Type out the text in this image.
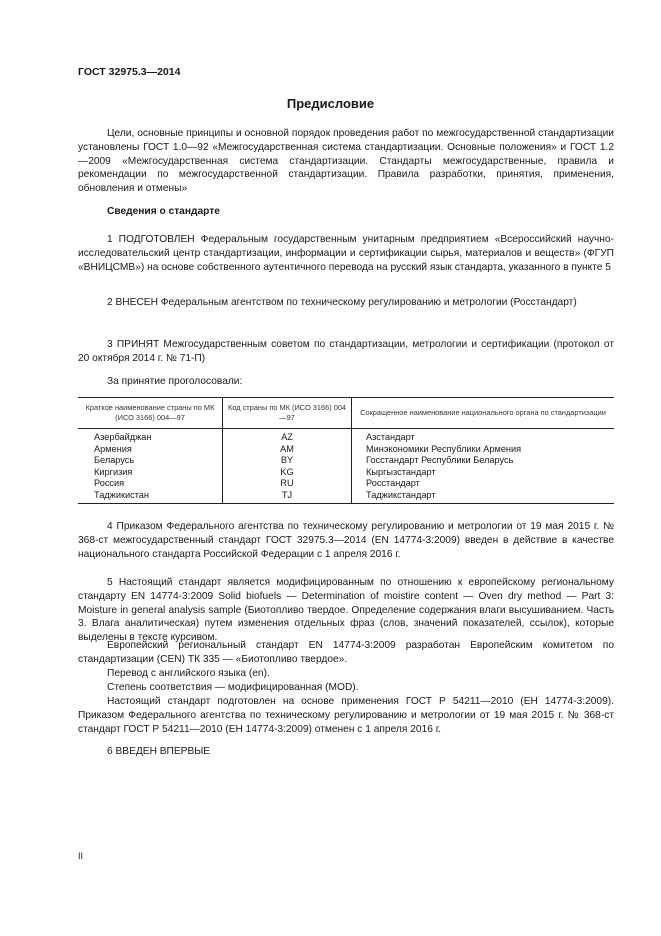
ГОСТ 32975.3—2014
Предисловие

Цели, основные принципы и основной порядок проведения работ по межгосударственной стандартизации установлены ГОСТ 1.0—92 «Межгосударственная система стандартизации. Основные положения» и ГОСТ 1.2—2009 «Межгосударственная система стандартизации. Стандарты межгосударственные, правила и рекомендации по межгосударственной стандартизации. Правила разработки, принятия, применения, обновления и отмены»

Сведения о стандарте

1 ПОДГОТОВЛЕН Федеральным государственным унитарным предприятием «Всероссийский научно-исследовательский центр стандартизации, информации и сертификации сырья, материалов и веществ» (ФГУП «ВНИЦСМВ») на основе собственного аутентичного перевода на русский язык стандарта, указанного в пункте 5

2 ВНЕСЕН Федеральным агентством по техническому регулированию и метрологии (Росстандарт)

3 ПРИНЯТ Межгосударственным советом по стандартизации, метрологии и сертификации (протокол от 20 октября 2014 г. № 71-П)

За принятие проголосовали:
Краткое наименование страны по МК (ИСО 3166) 004—97	Код страны по МК (ИСО 3166) 004—97	Сокращенное наименование национального органа по стандартизации
Азербайджан	AZ	Азстандарт
Армения	AM	Минэкономики Республики Армения
Беларусь	BY	Госстандарт Республики Беларусь
Киргизия	KG	Кыргызстандарт
Россия	RU	Росстандарт
Таджикистан	TJ	Таджикстандарт

4 Приказом Федерального агентства по техническому регулированию и метрологии от 19 мая 2015 г. № 368-ст межгосударственный стандарт ГОСТ 32975.3—2014 (EN 14774-3:2009) введен в действие в качестве национального стандарта Российской Федерации с 1 апреля 2016 г.

5 Настоящий стандарт является модифицированным по отношению к европейскому региональному стандарту EN 14774-3:2009 Solid biofuels — Determination of moistire content — Oven dry method — Part 3: Moisture in general analysis sample (Биотопливо твердое. Определение содержания влаги высушиванием. Часть 3. Влага аналитическая) путем изменения отдельных фраз (слов, значений показателей, ссылок), которые выделены в тексте курсивом.

Европейский региональный стандарт EN 14774-3:2009 разработан Европейским комитетом по стандартизации (CEN) ТК 335 — «Биотопливо твердое».

Перевод с английского языка (en).

Степень соответствия — модифицированная (MOD).

Настоящий стандарт подготовлен на основе применения ГОСТ Р 54211—2010 (EH 14774-3:2009). Приказом Федерального агентства по техническому регулированию и метрологии от 19 мая 2015 г. № 368-ст стандарт ГОСТ Р 54211—2010 (EH 14774-3:2009) отменен с 1 апреля 2016 г.

6 ВВЕДЕН ВПЕРВЫЕ

II
